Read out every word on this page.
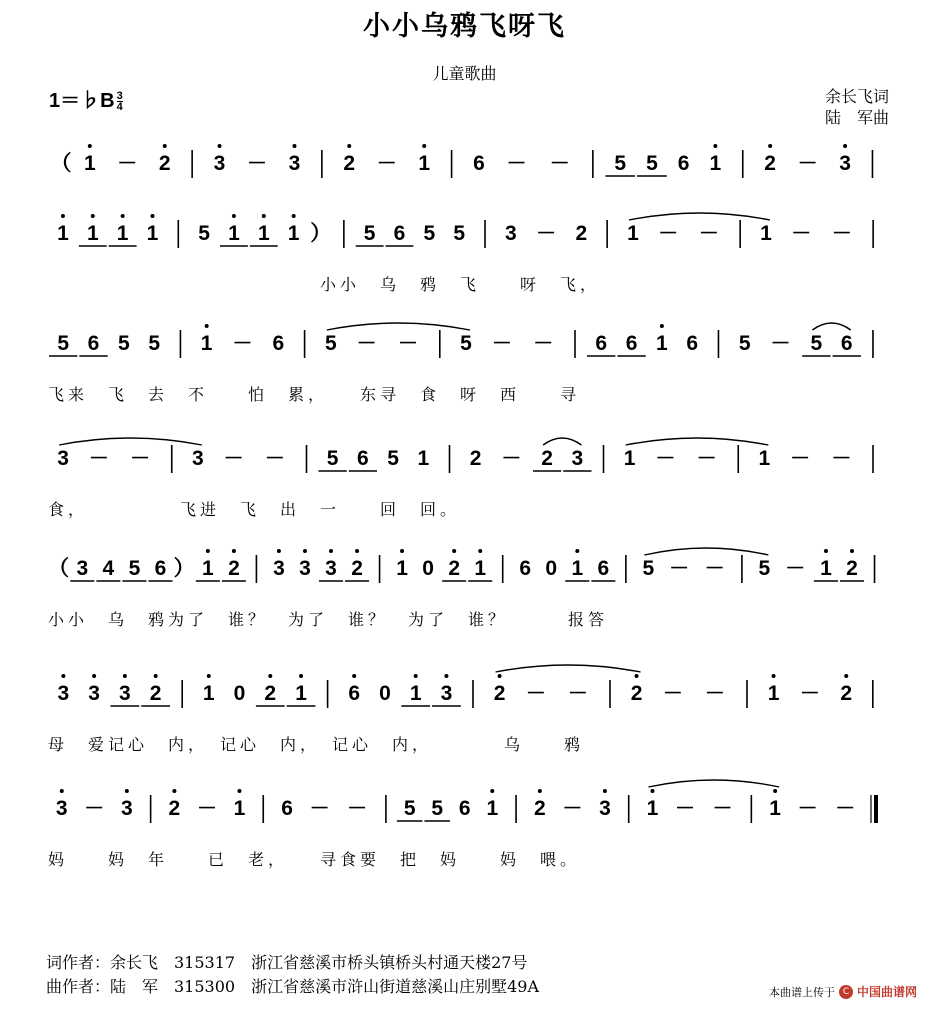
小小乌鸦飞呀飞
儿童歌曲
1＝♭B $\frac{3}{4}$	余长飞词
陆　军曲
（ 1 － 2 3 － 3 2 － 1 6 － － 5 5 6 1 2 － 3
1 1 1 1 5 1 1 1 ） 5 6 5 5 3 － 2 1 － － 1 － －
小小　乌　鸦　飞　　呀　飞，
5 6 5 5 1 － 6 5 － － 5 － － 6 6 1 6 5 － 5 6
飞来　飞　去　不　　怕　累，　　东寻　食　呀　西　　寻
3 － － 3 － － 5 6 5 1 2 － 2 3 1 － － 1 － －
食，　　　　　飞进　飞　出　一　　回　回。
（ 3 4 5 6 ） 1 2 3 3 3 2 1 0 2 1 6 0 1 6 5 － － 5 － 1 2
小小　乌　鸦为了　谁？　为了　谁？　为了　谁？　　　报答
3 3 3 2 1 0 2 1 6 0 1 3 2 － － 2 － － 1 － 2
母　爱记心　内，　记心　内，　记心　内，　　　　乌　　鸦
3 － 3 2 － 1 6 － － 5 5 6 1 2 － 3 1 － － 1 － －
妈　　妈　年　　已　老，　　寻食要　把　妈　　妈　喂。
词作者：余长飞　315317　浙江省慈溪市桥头镇桥头村通天楼27号
曲作者：陆　军　315300　浙江省慈溪市浒山街道慈溪山庄别墅49A	本曲谱上传于 C 中国曲谱网
